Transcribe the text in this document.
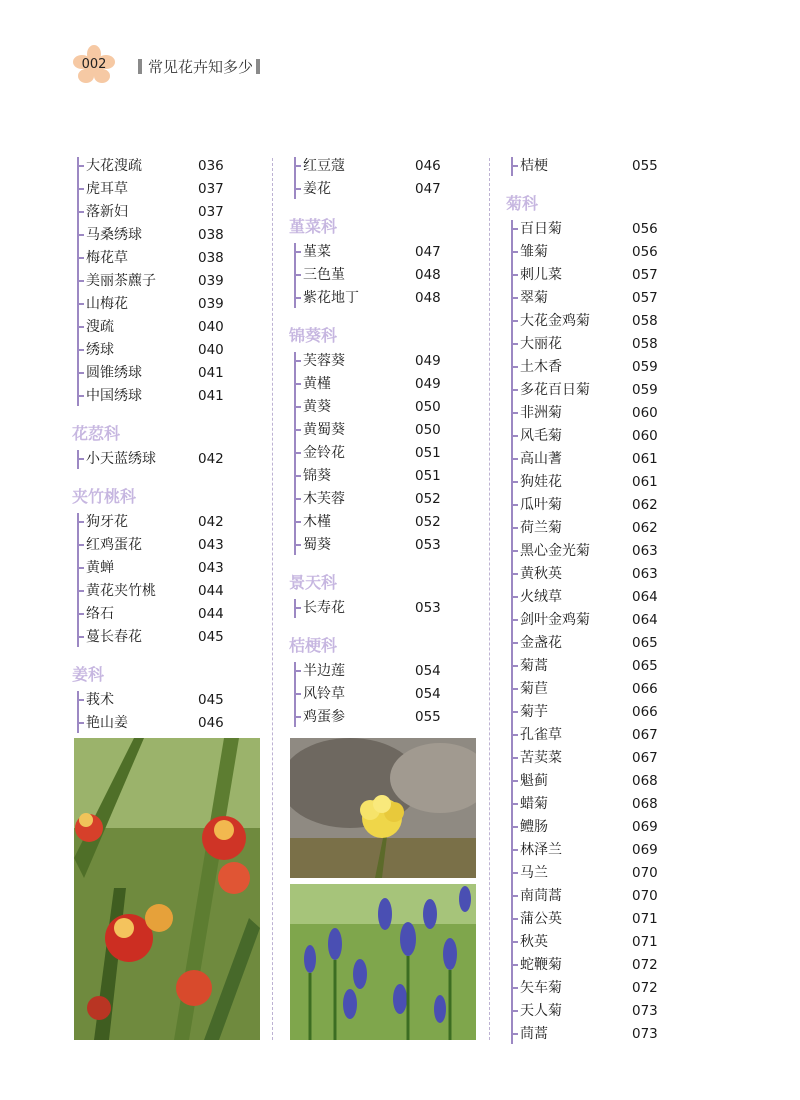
002	常见花卉知多少
大花溲疏	036
虎耳草	037
落新妇	037
马桑绣球	038
梅花草	038
美丽茶藨子	039
山梅花	039
溲疏	040
绣球	040
圆锥绣球	041
中国绣球	041
花荵科
小天蓝绣球	042
夹竹桃科
狗牙花	042
红鸡蛋花	043
黄蝉	043
黄花夹竹桃	044
络石	044
蔓长春花	045
姜科
莪术	045
艳山姜	046
红豆蔻	046
姜花	047
堇菜科
堇菜	047
三色堇	048
紫花地丁	048
锦葵科
芙蓉葵	049
黄槿	049
黄葵	050
黄蜀葵	050
金铃花	051
锦葵	051
木芙蓉	052
木槿	052
蜀葵	053
景天科
长寿花	053
桔梗科
半边莲	054
风铃草	054
鸡蛋参	055
桔梗	055
菊科
百日菊	056
雏菊	056
刺儿菜	057
翠菊	057
大花金鸡菊	058
大丽花	058
土木香	059
多花百日菊	059
非洲菊	060
风毛菊	060
高山蓍	061
狗娃花	061
瓜叶菊	062
荷兰菊	062
黑心金光菊	063
黄秋英	063
火绒草	064
剑叶金鸡菊	064
金盏花	065
菊蒿	065
菊苣	066
菊芋	066
孔雀草	067
苦荬菜	067
魁蓟	068
蜡菊	068
鳢肠	069
林泽兰	069
马兰	070
南茼蒿	070
蒲公英	071
秋英	071
蛇鞭菊	072
矢车菊	072
天人菊	073
茼蒿	073
